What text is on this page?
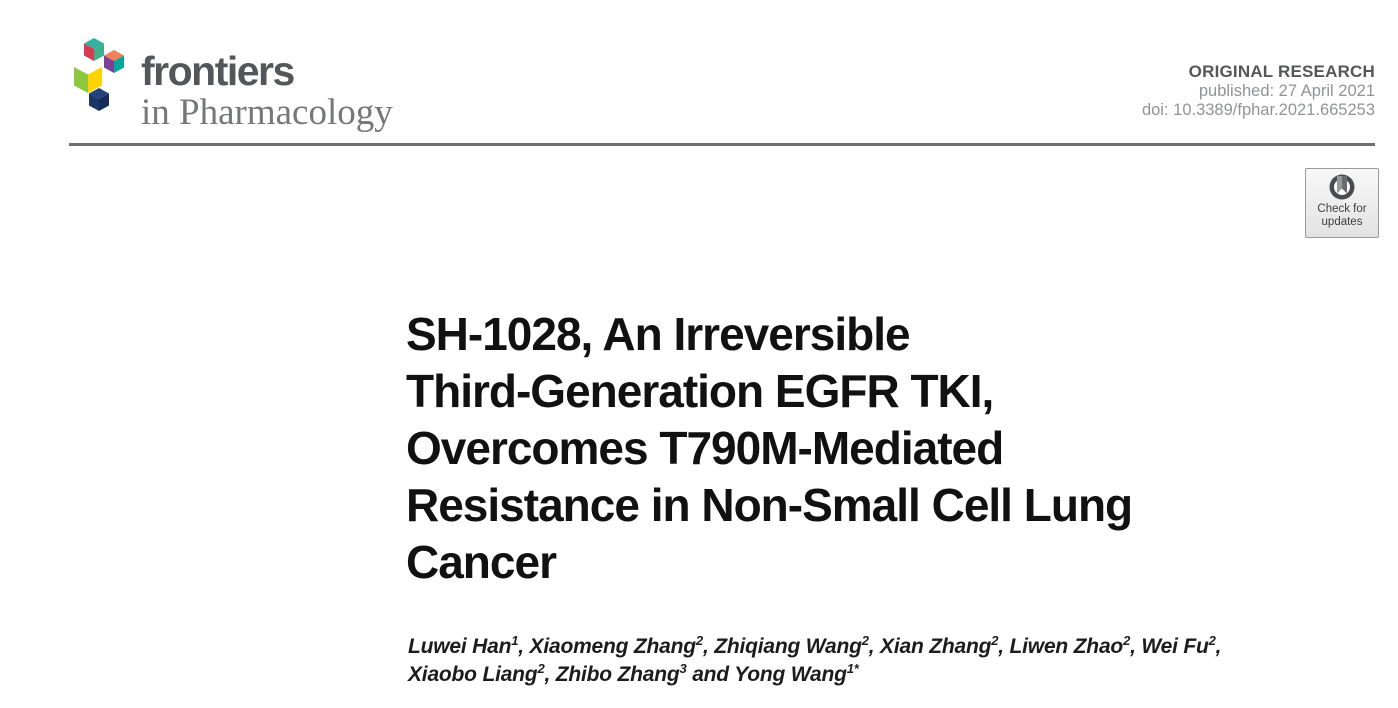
frontiers
in Pharmacology
ORIGINAL RESEARCH
published: 27 April 2021
doi: 10.3389/fphar.2021.665253
Check for
updates
SH-1028, An Irreversible
Third-Generation EGFR TKI,
Overcomes T790M-Mediated
Resistance in Non-Small Cell Lung
Cancer
Luwei Han$^1$, Xiaomeng Zhang$^2$, Zhiqiang Wang$^2$, Xian Zhang$^2$, Liwen Zhao$^2$, Wei Fu$^2$,
Xiaobo Liang$^2$, Zhibo Zhang$^3$ and Yong Wang$^{1*}$
